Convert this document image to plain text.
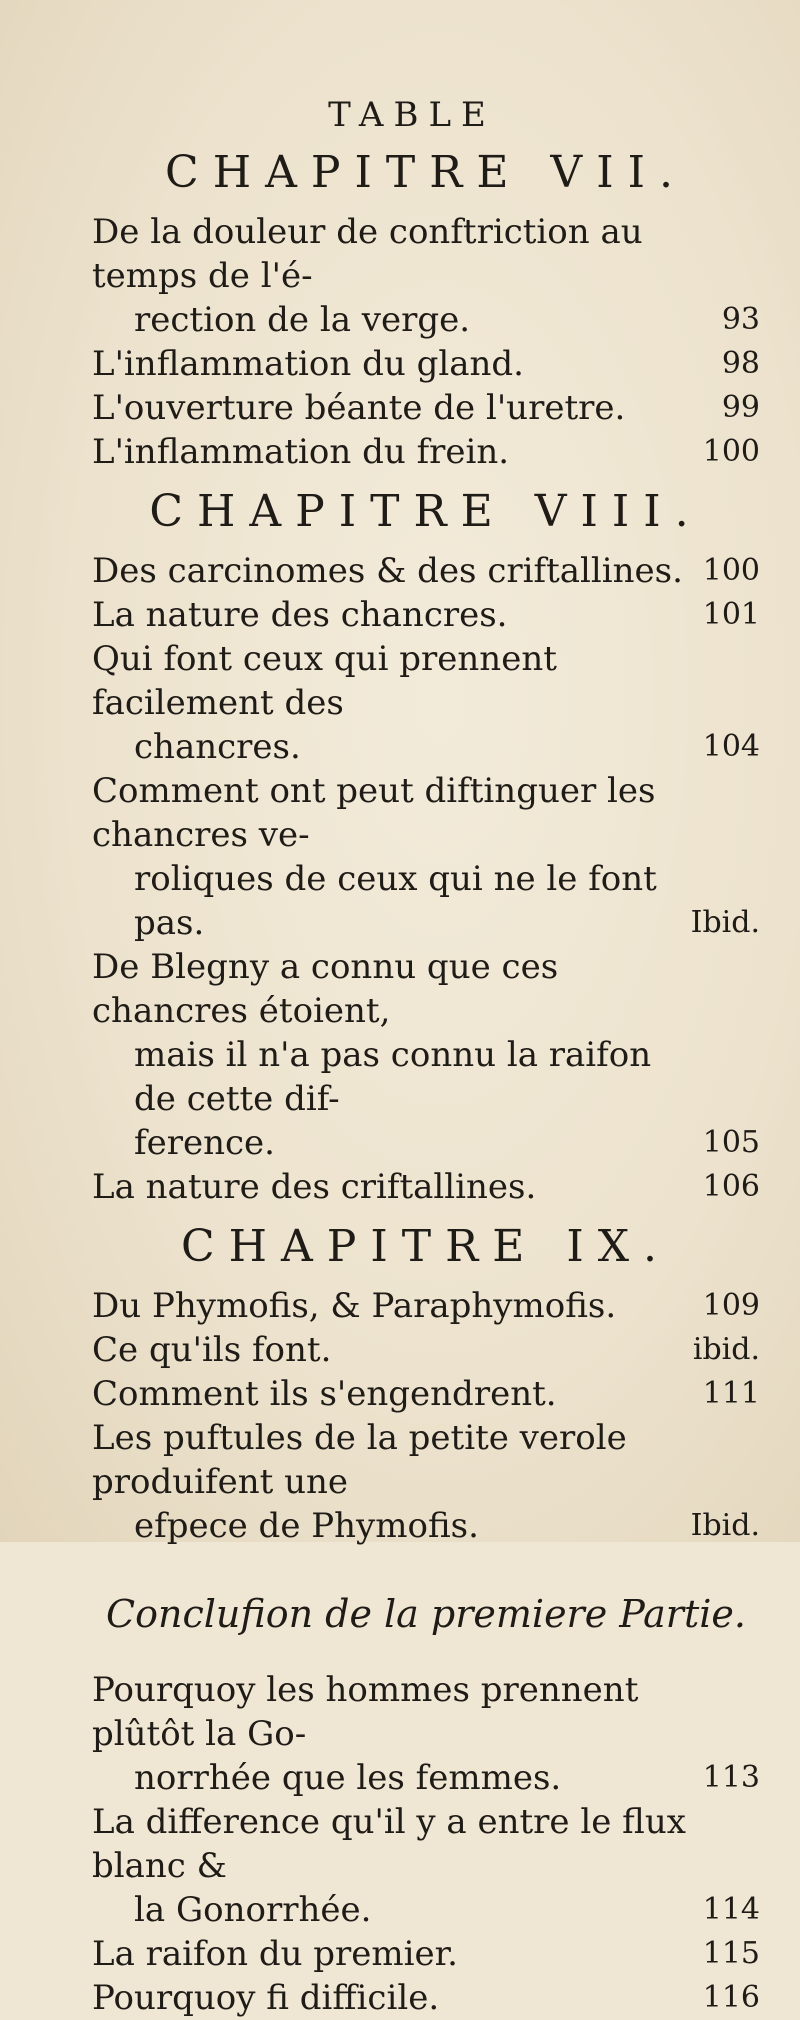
TABLE
CHAPITRE VII.
De la douleur de conftriction au temps de l'é-
rection de la verge.	93
L'inflammation du gland.	98
L'ouverture béante de l'uretre.	99
L'inflammation du frein.	100
CHAPITRE VIII.
Des carcinomes & des criftallines. 100
La nature des chancres.	101
Qui font ceux qui prennent facilement des
chancres.	104
Comment ont peut diftinguer les chancres ve-
roliques de ceux qui ne le font pas.	Ibid.
De Blegny a connu que ces chancres étoient,
mais il n'a pas connu la raifon de cette dif-
ference.	105
La nature des criftallines.	106
CHAPITRE IX.
Du Phymofis, & Paraphymofis.	109
Ce qu'ils font.	ibid.
Comment ils s'engendrent.	111
Les puftules de la petite verole produifent une
efpece de Phymofis.	Ibid.
Conclufion de la premiere Partie.
Pourquoy les hommes prennent plûtôt la Go-
norrhée que les femmes.	113
La difference qu'il y a entre le flux blanc &
la Gonorrhée.	114
La raifon du premier.	115
Pourquoy fi difficile.	116
